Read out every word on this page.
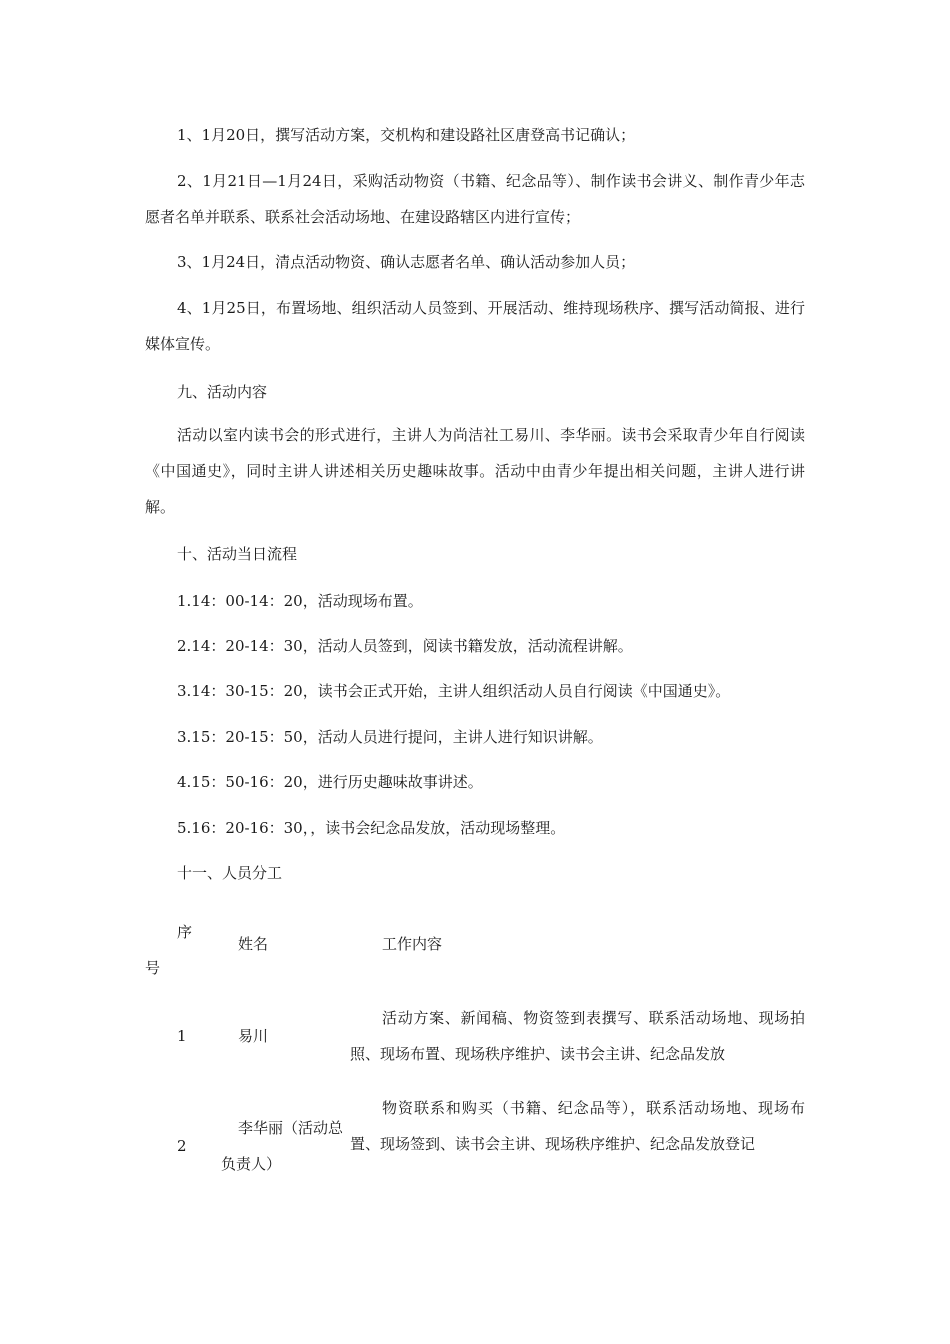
1、1月20日，撰写活动方案，交机构和建设路社区唐登高书记确认；

2、1月21日—1月24日，采购活动物资（书籍、纪念品等）、制作读书会讲义、制作青少年志愿者名单并联系、联系社会活动场地、在建设路辖区内进行宣传；

3、1月24日，清点活动物资、确认志愿者名单、确认活动参加人员；

4、1月25日，布置场地、组织活动人员签到、开展活动、维持现场秩序、撰写活动简报、进行媒体宣传。

九、活动内容

活动以室内读书会的形式进行，主讲人为尚洁社工易川、李华丽。读书会采取青少年自行阅读《中国通史》，同时主讲人讲述相关历史趣味故事。活动中由青少年提出相关问题，主讲人进行讲解。

十、活动当日流程

1.14：00-14：20，活动现场布置。

2.14：20-14：30，活动人员签到，阅读书籍发放，活动流程讲解。

3.14：30-15：20，读书会正式开始，主讲人组织活动人员自行阅读《中国通史》。

3.15：20-15：50，活动人员进行提问，主讲人进行知识讲解。

4.15：50-16：20，进行历史趣味故事讲述。

5.16：20-16：30，，读书会纪念品发放，活动现场整理。

十一、人员分工

序
号
姓名	工作内容
1	易川

活动方案、新闻稿、物资签到表撰写、联系活动场地、现场拍照、现场布置、现场秩序维护、读书会主讲、纪念品发放

2
李华丽（活动总负责人）

物资联系和购买（书籍、纪念品等），联系活动场地、现场布置、现场签到、读书会主讲、现场秩序维护、纪念品发放登记
